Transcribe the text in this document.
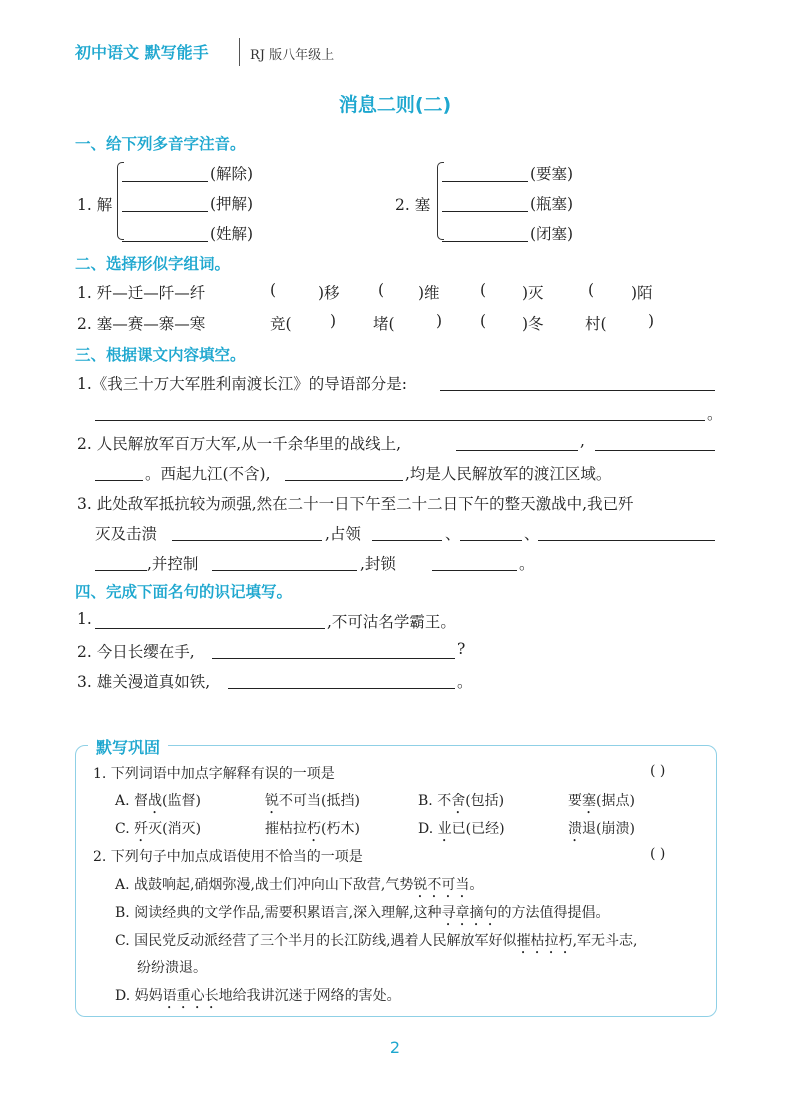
初中语文 默写能手	RJ 版八年级上
消息二则(二)
一、给下列多音字注音。
1. 解
(解除)
(押解)
(姓解)
2. 塞
(要塞)
(瓶塞)
(闭塞)
二、选择形似字组词。
1. 歼—迁—阡—纤	(	)移 ( )维	( )灭	( )陌
2. 塞—赛—寨—寒	竞( ) 堵(	) ( )冬	村(	)
三、根据课文内容填空。
1.《我三十万大军胜利南渡长江》的导语部分是:
。
2. 人民解放军百万大军,从一千余华里的战线上,	,
。西起九江(不含),	,均是人民解放军的渡江区域。
3. 此处敌军抵抗较为顽强,然在二十一日下午至二十二日下午的整天激战中,我已歼
灭及击溃	,占领	、	、
,并控制	,封锁	。
四、完成下面名句的识记填写。
1.	,不可沽名学霸王。
2. 今日长缨在手,	?
3. 雄关漫道真如铁,	。
默写巩固
1. 下列词语中加点字解释有误的一项是	( )
A. 督战(监督)	锐不可当(抵挡)	B. 不舍(包括)	要塞(据点)
C. 歼灭(消灭)	摧枯拉朽(朽木)	D. 业已(已经)	溃退(崩溃)
2. 下列句子中加点成语使用不恰当的一项是	( )
A. 战鼓响起,硝烟弥漫,战士们冲向山下敌营,气势锐不可当。
B. 阅读经典的文学作品,需要积累语言,深入理解,这种寻章摘句的方法值得提倡。
C. 国民党反动派经营了三个半月的长江防线,遇着人民解放军好似摧枯拉朽,军无斗志,
纷纷溃退。
D. 妈妈语重心长地给我讲沉迷于网络的害处。
2
